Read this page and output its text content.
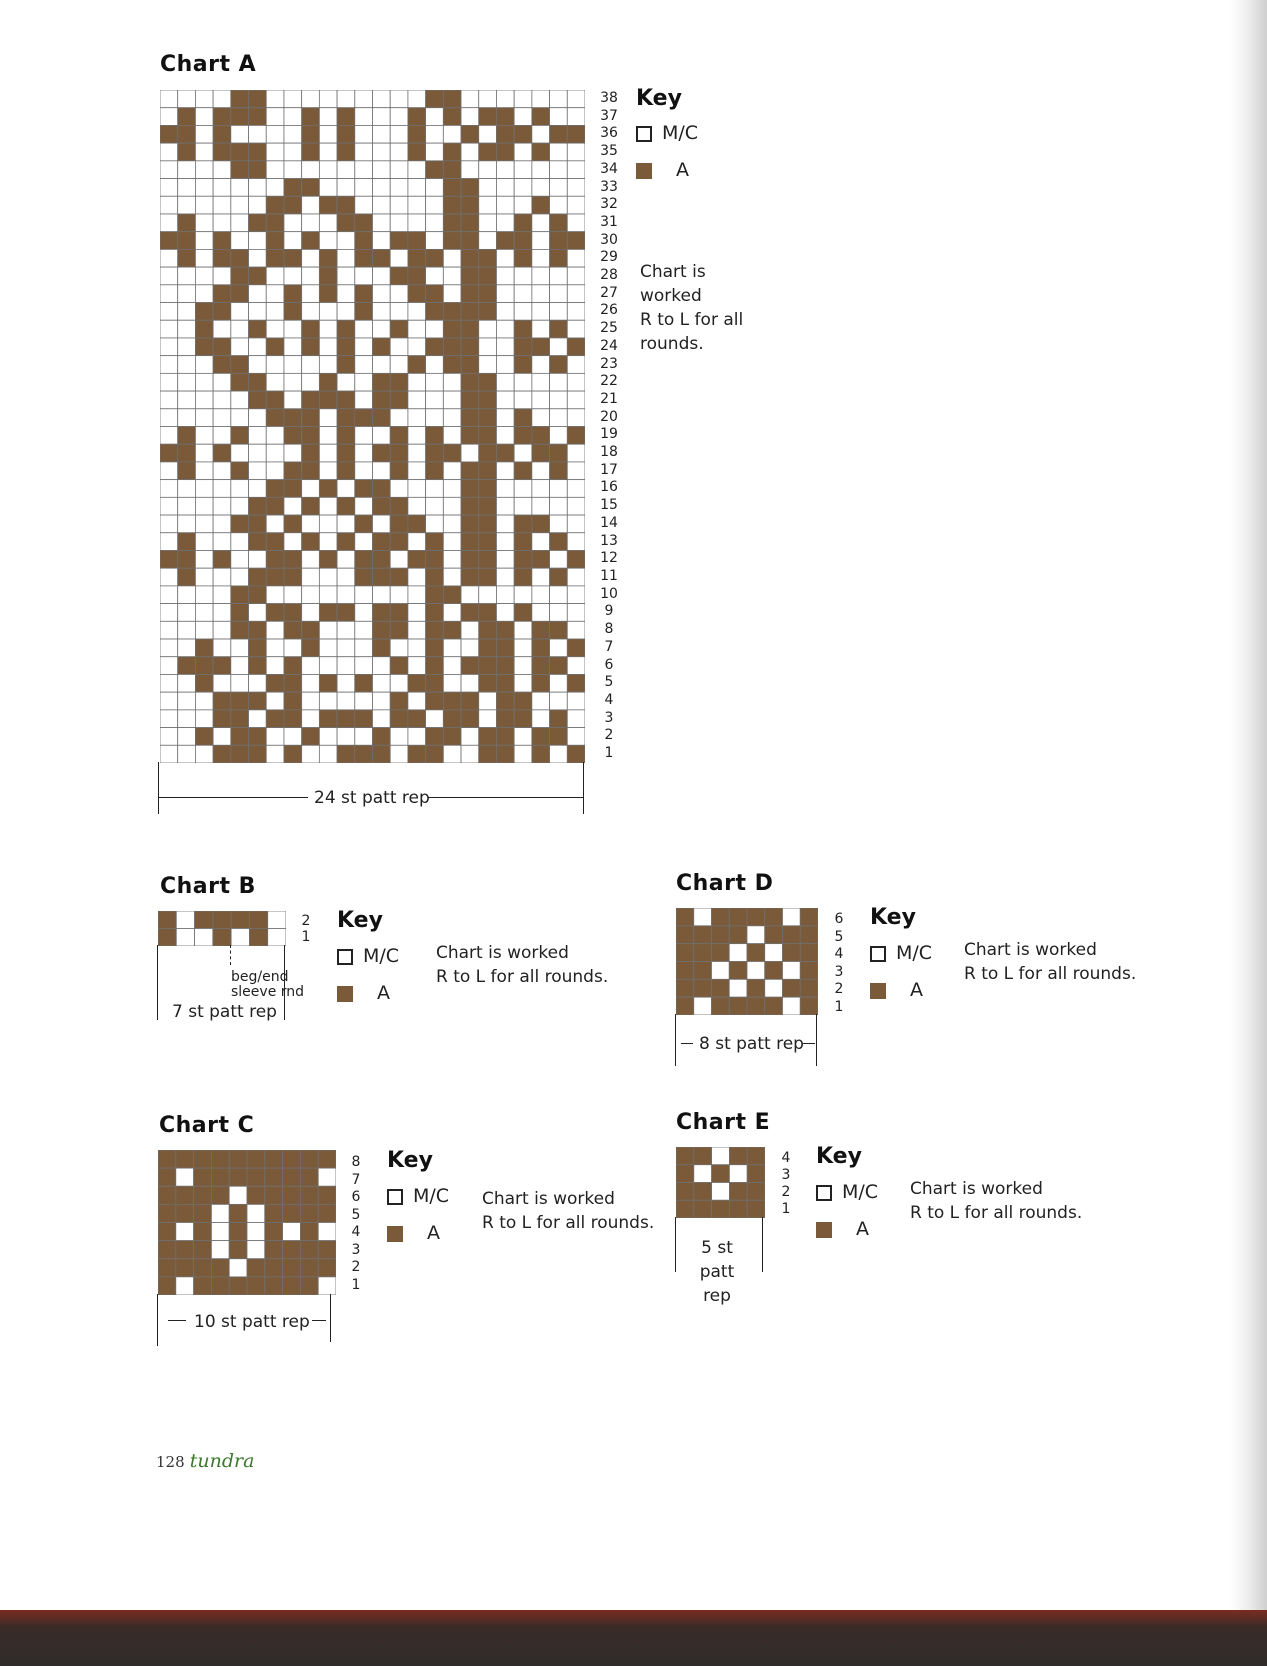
Chart A
24 st patt rep
38
37
36
35
34
33
32
31
30
29
28
27
26
25
24
23
22
21
20
19
18
17
16
15
14
13
12
11
10
9
8
7
6
5
4
3
2
1
Key
M/C
A
Chart is
worked
R to L for all
rounds.
Chart B
beg/end
sleeve rnd
7 st patt rep
2
1
Key
M/C
A
Chart is worked
R to L for all rounds.
Chart C
10 st patt rep
8
7
6
5
4
3
2
1
Key
M/C
A
Chart is worked
R to L for all rounds.
Chart D
8 st patt rep
6
5
4
3
2
1
Key
M/C
A
Chart is worked
R to L for all rounds.
Chart E
5 st patt
rep
4
3
2
1
Key
M/C
A
Chart is worked
R to L for all rounds.
128 tundra
